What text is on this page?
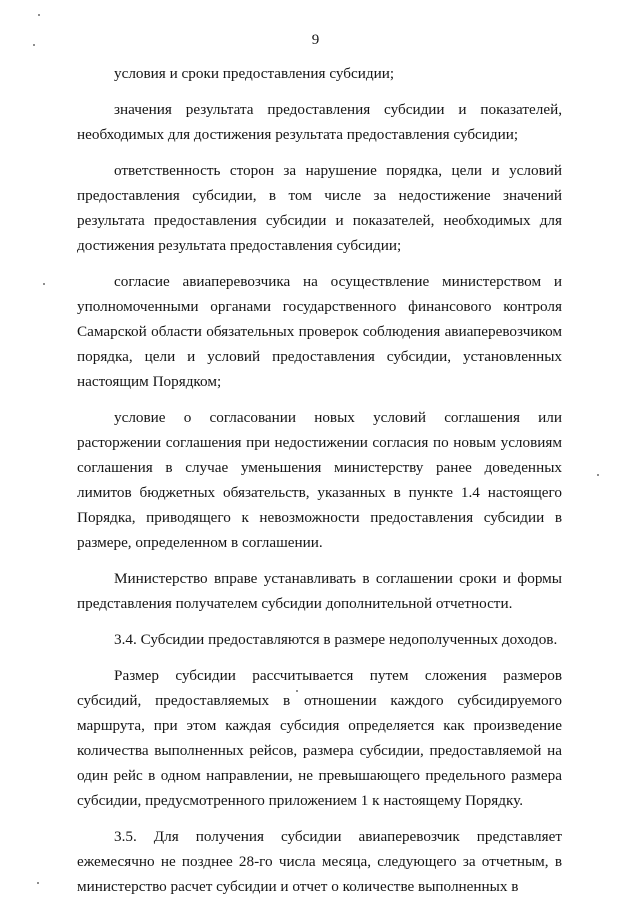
9

условия и сроки предоставления субсидии;

значения результата предоставления субсидии и показателей, необходимых для достижения результата предоставления субсидии;

ответственность сторон за нарушение порядка, цели и условий предоставления субсидии, в том числе за недостижение значений результата предоставления субсидии и показателей, необходимых для достижения результата предоставления субсидии;

согласие авиаперевозчика на осуществление министерством и уполномоченными органами государственного финансового контроля Самарской области обязательных проверок соблюдения авиаперевозчиком порядка, цели и условий предоставления субсидии, установленных настоящим Порядком;

условие о согласовании новых условий соглашения или расторжении соглашения при недостижении согласия по новым условиям соглашения в случае уменьшения министерству ранее доведенных лимитов бюджетных обязательств, указанных в пункте 1.4 настоящего Порядка, приводящего к невозможности предоставления субсидии в размере, определенном в соглашении.

Министерство вправе устанавливать в соглашении сроки и формы представления получателем субсидии дополнительной отчетности.

3.4. Субсидии предоставляются в размере недополученных доходов.

Размер субсидии рассчитывается путем сложения размеров субсидий, предоставляемых в отношении каждого субсидируемого маршрута, при этом каждая субсидия определяется как произведение количества выполненных рейсов, размера субсидии, предоставляемой на один рейс в одном направлении, не превышающего предельного размера субсидии, предусмотренного приложением 1 к настоящему Порядку.

3.5. Для получения субсидии авиаперевозчик представляет ежемесячно не позднее 28-го числа месяца, следующего за отчетным, в министерство расчет субсидии и отчет о количестве выполненных в
